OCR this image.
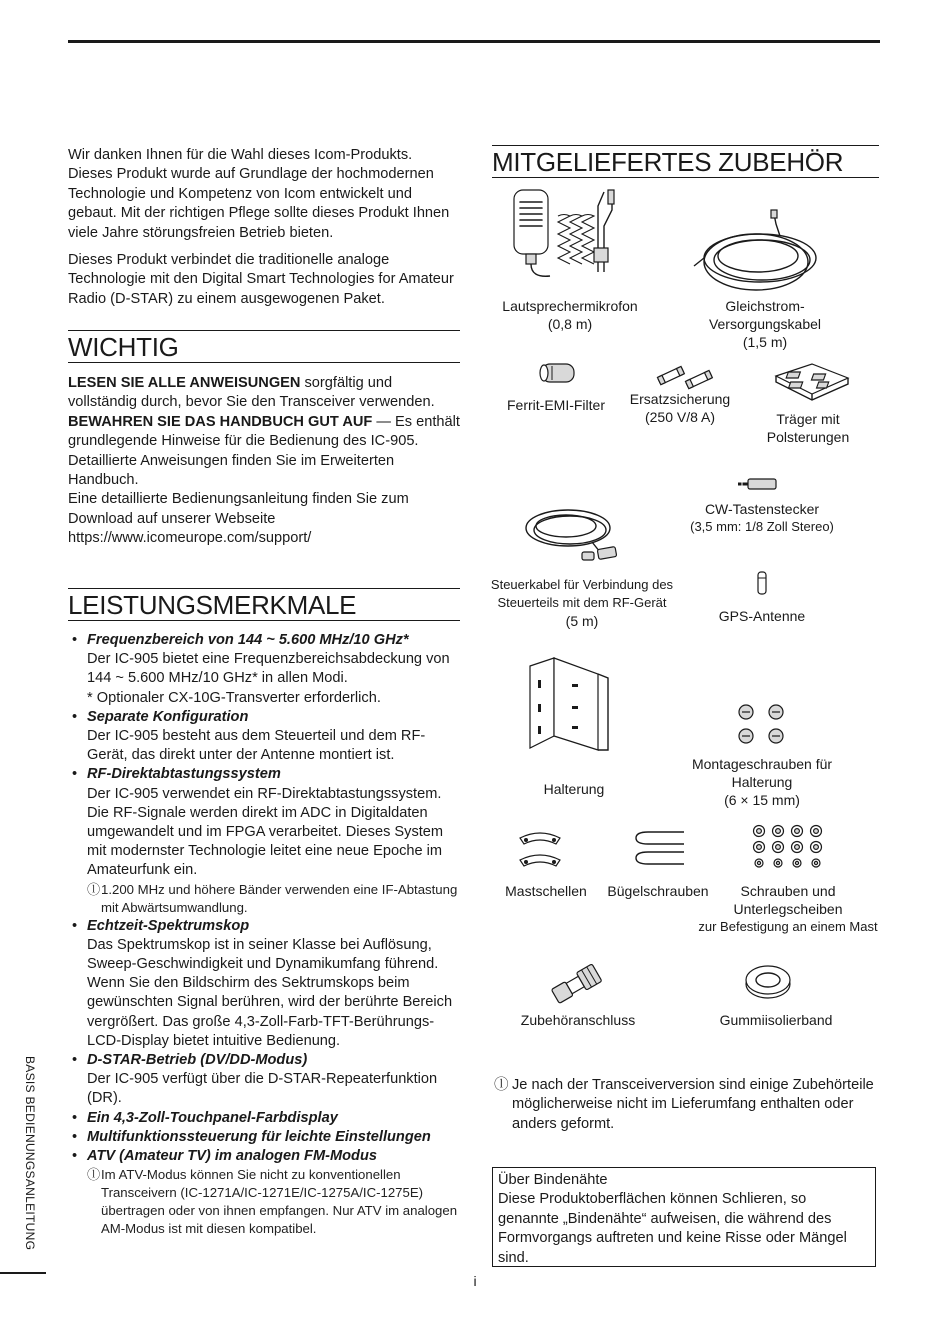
Wir danken Ihnen für die Wahl dieses Icom-Produkts. Dieses Produkt wurde auf Grundlage der hochmodernen Technologie und Kompetenz von Icom entwickelt und gebaut. Mit der richtigen Pflege sollte dieses Produkt Ihnen viele Jahre störungsfreien Betrieb bieten.

Dieses Produkt verbindet die traditionelle analoge Technologie mit den Digital Smart Technologies for Amateur Radio (D-STAR) zu einem ausgewogenen Paket.

WICHTIG
LESEN SIE ALLE ANWEISUNGEN sorgfältig und vollständig durch, bevor Sie den Transceiver verwenden.
BEWAHREN SIE DAS HANDBUCH GUT AUF — Es enthält grundlegende Hinweise für die Bedienung des IC-905. Detaillierte Anweisungen finden Sie im Erweiterten Handbuch.
Eine detaillierte Bedienungsanleitung finden Sie zum Download auf unserer Webseite
https://www.icomeurope.com/support/
LEISTUNGSMERKMALE
• Frequenzbereich von 144 ~ 5.600 MHz/10 GHz*
Der IC-905 bietet eine Frequenzbereichsabdeckung von 144 ~ 5.600 MHz/10 GHz* in allen Modi.
* Optionaler CX-10G-Transverter erforderlich.
• Separate Konfiguration
Der IC-905 besteht aus dem Steuerteil und dem RF-Gerät, das direkt unter der Antenne montiert ist.
• RF-Direktabtastungssystem
Der IC-905 verwendet ein RF-Direktabtastungssystem. Die RF-Signale werden direkt im ADC in Digitaldaten umgewandelt und im FPGA verarbeitet. Dieses System mit modernster Technologie leitet eine neue Epoche im Amateurfunk ein.
ⓛ 1.200 MHz und höhere Bänder verwenden eine IF-Abtastung mit Abwärtsumwandlung.
• Echtzeit-Spektrumskop
Das Spektrumskop ist in seiner Klasse bei Auflösung, Sweep-Geschwindigkeit und Dynamikumfang führend. Wenn Sie den Bildschirm des Sektrumskops beim gewünschten Signal berühren, wird der berührte Bereich vergrößert. Das große 4,3-Zoll-Farb-TFT-Berührungs-LCD-Display bietet intuitive Bedienung.
• D-STAR-Betrieb (DV/DD-Modus)
Der IC-905 verfügt über die D-STAR-Repeaterfunktion (DR).
• Ein 4,3-Zoll-Touchpanel-Farbdisplay
• Multifunktionssteuerung für leichte Einstellungen
• ATV (Amateur TV) im analogen FM-Modus
ⓛ Im ATV-Modus können Sie nicht zu konventionellen Transceivern (IC-1271A/IC-1271E/IC-1275A/IC-1275E) übertragen oder von ihnen empfangen. Nur ATV im analogen AM-Modus ist mit diesen kompatibel.
MITGELIEFERTES ZUBEHÖR
Lautsprechermikrofon
(0,8 m)
Gleichstrom-
Versorgungskabel
(1,5 m)
Ferrit-EMI-Filter	Ersatzsicherung
(250 V/8 A)	Träger mit
Polsterungen
CW-Tastenstecker
(3,5 mm: 1/8 Zoll Stereo)
Steuerkabel für Verbindung des
Steuerteils mit dem RF-Gerät
(5 m)	GPS-Antenne
Halterung
Montageschrauben für
Halterung
(6 × 15 mm)
Mastschellen	Bügelschrauben	Schrauben und
Unterlegscheiben
zur Befestigung an einem Mast
Zubehöranschluss	Gummiisolierband
ⓛ Je nach der Transceiverversion sind einige Zubehörteile möglicherweise nicht im Lieferumfang enthalten oder anders geformt.
Über Bindenähte
Diese Produktoberflächen können Schlieren, so genannte „Bindenähte“ aufweisen, die während des Formvorgangs auftreten und keine Risse oder Mängel sind.
BASIS BEDIENUNGSANLEITUNG
i
